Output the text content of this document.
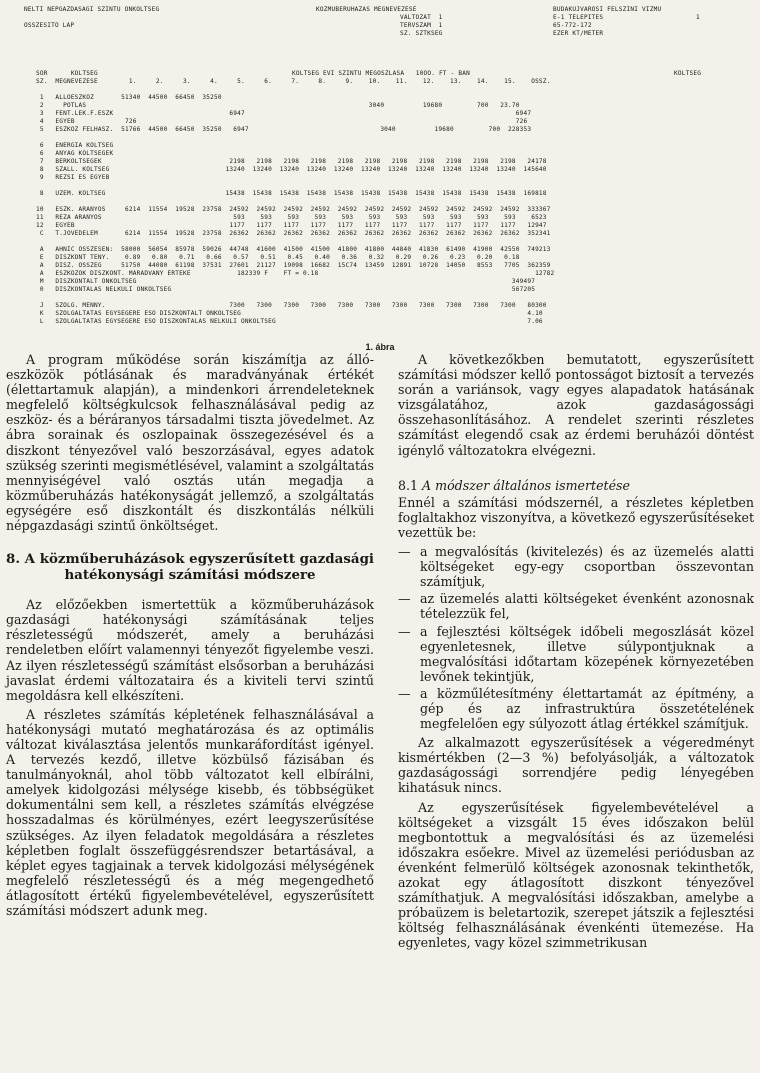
NELTI NEPGAZDASAGI SZINTU ONKOLTSEG	KOZMUBERUHAZAS MEGNEVEZESE	BUDAKUJVAROSI FELSZINI VIZMU
VALTOZAT  1	E-1 TELEPITES	1
OSSZESITO LAP	TERVSZAM  1	65-772-172
SZ. SZTKSEG	EZER KT/METER
SOR      KOLTSEG	KOLTSEG EVI SZINTU MEGOSZLASA   10OO. FT - BAN	KOLTSEG
SZ.  MEGNEVEZESE        1.     2.     3.     4.     5.     6.     7.     8.     9.    10.    11.    12.    13.    14.    15.    OSSZ.
1   ALLOESZKOZ       51340  44500  66450  35250
2     POTLAS                                                                         3040          19680         700   23.70
3   FENT.LEK.F.ESZK                              6947                                                                      6947
4   EGYEB             726                                                                                                  726
5   ESZKOZ FELHASZ.  51766  44500  66450  35250   6947                                  3040          19680         700  228353
6   ENERGIA KOLTSEG
6   ANYAG KOLTSEGEK
7   BERKOLTSEGEK                                 2198   2198   2198   2198   2198   2198   2198   2198   2198   2198   2198   24178
8   SZALL. KOLTSEG                              13240  13240  13240  13240  13240  13240  13240  13240  13240  13240  13240  145640
9   REZSI ES EGYEB
8   UZEM. KOLTSEG                               15438  15438  15438  15438  15438  15438  15438  15438  15438  15438  15438  169818
10   ESZK. ARANYOS     6214  11554  19528  23758  24592  24592  24592  24592  24592  24592  24592  24592  24592  24592  24592  333367
11   REZA ARANYOS                                  593    593    593    593    593    593    593    593    593    593    593    6523
12   EGYEB                                        1177   1177   1177   1177   1177   1177   1177   1177   1177   1177   1177   12947
C   T.JOVEDELEM       6214  11554  19528  23758  26362  26362  26362  26362  26362  26362  26362  26362  26362  26362  26362  352341
A   AHNIC OSSZESEN:  58000  56054  85978  59026  44748  41600  41500  41500  41800  41800  44840  41830  61490  41900  42550  749213
E   DISZKONT TENY.    0.89   0.80   0.71   0.66   0.57   0.51   0.45   0.40   0.36   0.32   0.29   0.26   0.23   0.20   0.18
A   DISZ. OSSZEG     51750  44080  61198  37531  27601  21127  19098  16682  15C74  13459  12891  10728  14050   8553   7705  362359
A   ESZKOZOK DISZKONT. MARADVANY ERTEKE            182339 F    FT = 0.18                                                        12782
M   DISZKONTALT ONKOLTSEG                                                                                                 349497
0   DISZKONTALAS NELKULI ONKOLTSEG                                                                                        567205
J   SZOLG. MENNY.                                7300   7300   7300   7300   7300   7300   7300   7300   7300   7300   7300   80300
K   SZOLGALTATAS EGYSEGERE ESO DISZKONTALT ONKOLTSEG                                                                          4.10
L   SZOLGALTATAS EGYSEGERE ESO DISZKONTALAS NELKULI ONKOLTSEG                                                                 7.06
1. ábra

A program működése során kiszámítja az álló-eszközök pótlásának és maradványának értékét (élettartamuk alapján), a mindenkori árrendeleteknek megfelelő költségkulcsok felhasználásával pedig az eszköz- és a béráranyos társadalmi tiszta jövedelmet. Az ábra sorainak és oszlopainak összegezésével és a diszkont tényezővel való beszorzásával, egyes adatok szükség szerinti megismétlésével, valamint a szolgáltatás mennyiségével való osztás után megadja a közműberuházás hatékonyságát jellemző, a szolgáltatás egységére eső diszkontált és diszkontálás nélküli népgazdasági szintű önköltséget.

8. A közműberuházások egyszerűsített gazdasági hatékonysági számítási módszere

Az előzőekben ismertettük a közműberuházások gazdasági hatékonysági számításának teljes részletességű módszerét, amely a beruházási rendeletben előírt valamennyi tényezőt figyelembe veszi. Az ilyen részletességű számítást elsősorban a beruházási javaslat érdemi változataira és a kiviteli tervi szintű megoldásra kell elkészíteni.

A részletes számítás képletének felhasználásával a hatékonysági mutató meghatározása és az optimális változat kiválasztása jelentős munkaráfordítást igényel. A tervezés kezdő, illetve közbülső fázisában és tanulmányoknál, ahol több változatot kell elbírálni, amelyek kidolgozási mélysége kisebb, és többségüket dokumentálni sem kell, a részletes számítás elvégzése hosszadalmas és körülményes, ezért leegyszerűsítése szükséges. Az ilyen feladatok megoldására a részletes képletben foglalt összefüggésrendszer betartásával, a képlet egyes tagjainak a tervek kidolgozási mélységének megfelelő részletességű és a még megengedhető átlagosított értékű figyelembevételével, egyszerűsített számítási módszert adunk meg.

A következőkben bemutatott, egyszerűsített számítási módszer kellő pontosságot biztosít a tervezés során a variánsok, vagy egyes alapadatok hatásának vizsgálatához, azok gazdaságossági összehasonlításához. A rendelet szerinti részletes számítást elegendő csak az érdemi beruházói döntést igénylő változatokra elvégezni.

8.1 A módszer általános ismertetése

Ennél a számítási módszernél, a részletes képletben foglaltakhoz viszonyítva, a következő egyszerűsítéseket vezettük be:

— a megvalósítás (kivitelezés) és az üzemelés alatti költségeket egy-egy csoportban összevontan számítjuk,
— az üzemelés alatti költségeket évenként azonosnak tételezzük fel,
— a fejlesztési költségek időbeli megoszlását közel egyenletesnek, illetve súlypontjuknak a megvalósítási időtartam közepének környezetében levőnek tekintjük,
— a közműlétesítmény élettartamát az építmény, a gép és az infrastruktúra összetételének megfelelően egy súlyozott átlag értékkel számítjuk.

Az alkalmazott egyszerűsítések a végeredményt kismértékben (2—3 %) befolyásolják, a változatok gazdaságossági sorrendjére pedig lényegében kihatásuk nincs.

Az egyszerűsítések figyelembevételével a költségeket a vizsgált 15 éves időszakon belül megbontottuk a megvalósítási és az üzemelési időszakra esőekre. Mivel az üzemelési periódusban az évenként felmerülő költségek azonosnak tekinthetők, azokat egy átlagosított diszkont tényezővel számíthatjuk. A megvalósítási időszakban, amelybe a próbaüzem is beletartozik, szerepet játszik a fejlesztési költség felhasználásának évenkénti ütemezése. Ha egyenletes, vagy közel szimmetrikusan
